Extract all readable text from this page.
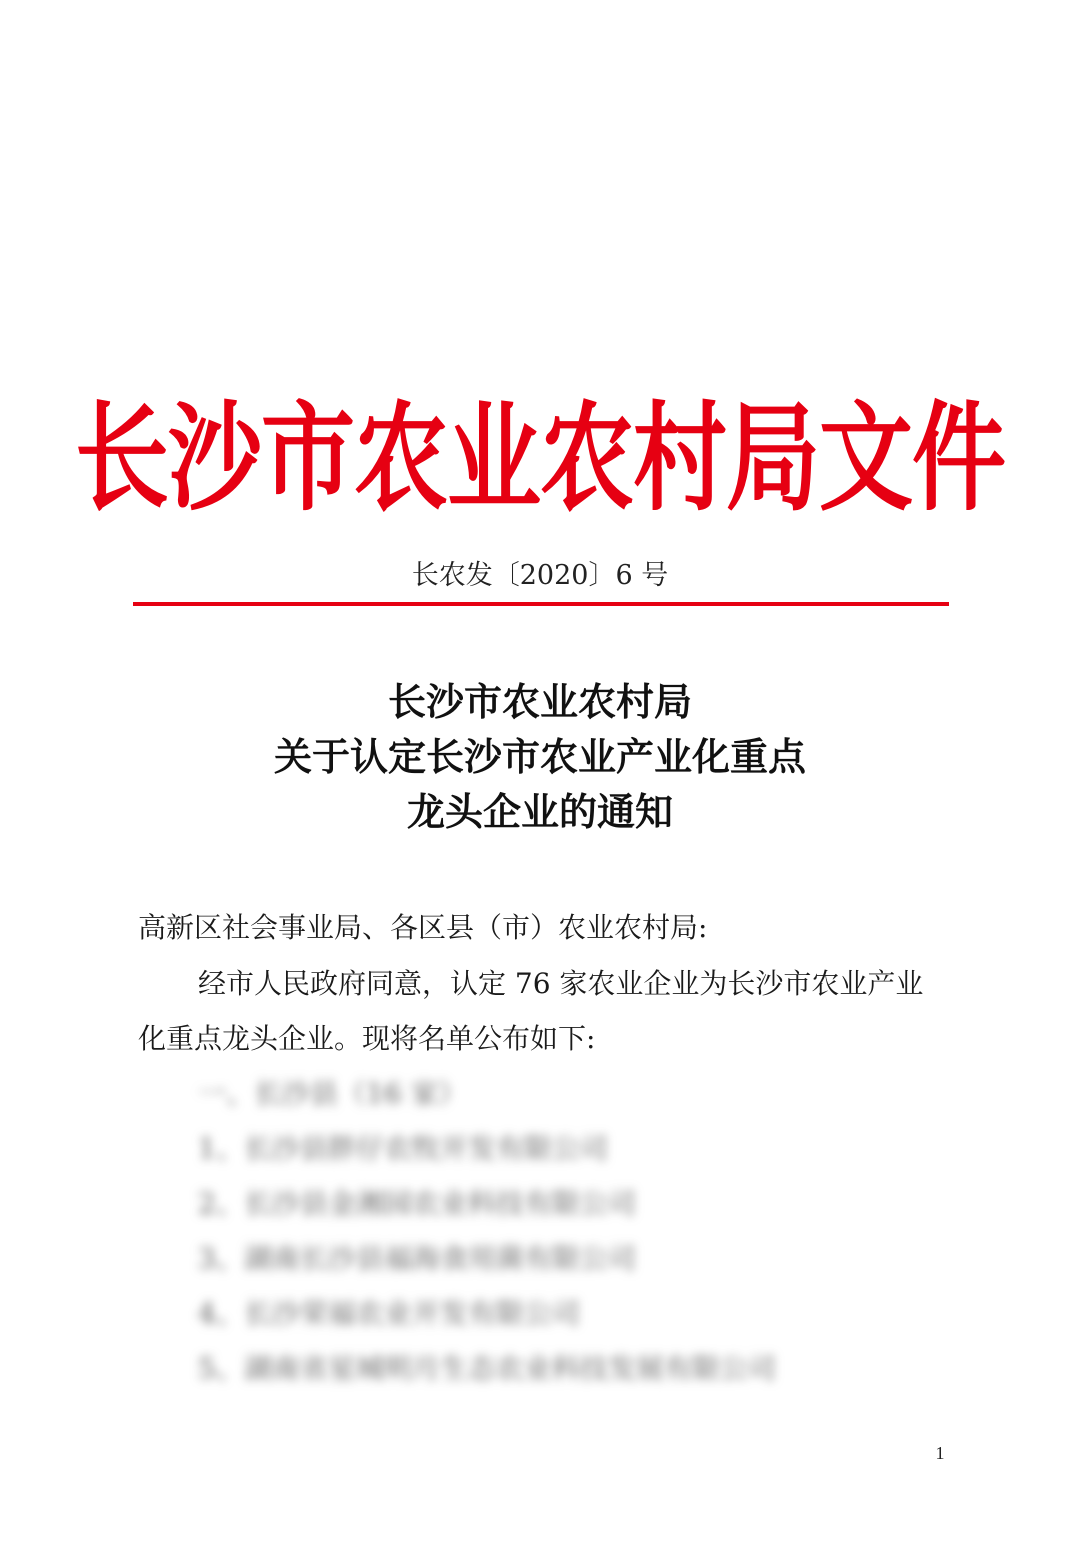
长沙市农业农村局文件
长农发〔2020〕6 号
长沙市农业农村局
关于认定长沙市农业产业化重点
龙头企业的通知
高新区社会事业局、各区县（市）农业农村局:
经市人民政府同意，认定 76 家农业企业为长沙市农业产业
化重点龙头企业。现将名单公布如下:
一、长沙县（16 家）
1、长沙县胖仔农牧开发有限公司
2、长沙县金湘园农业科技有限公司
3、湖南长沙县福海食用菌有限公司
4、长沙荣福农业开发有限公司
5、湖南省星城明月生态农业科技发展有限公司
1
